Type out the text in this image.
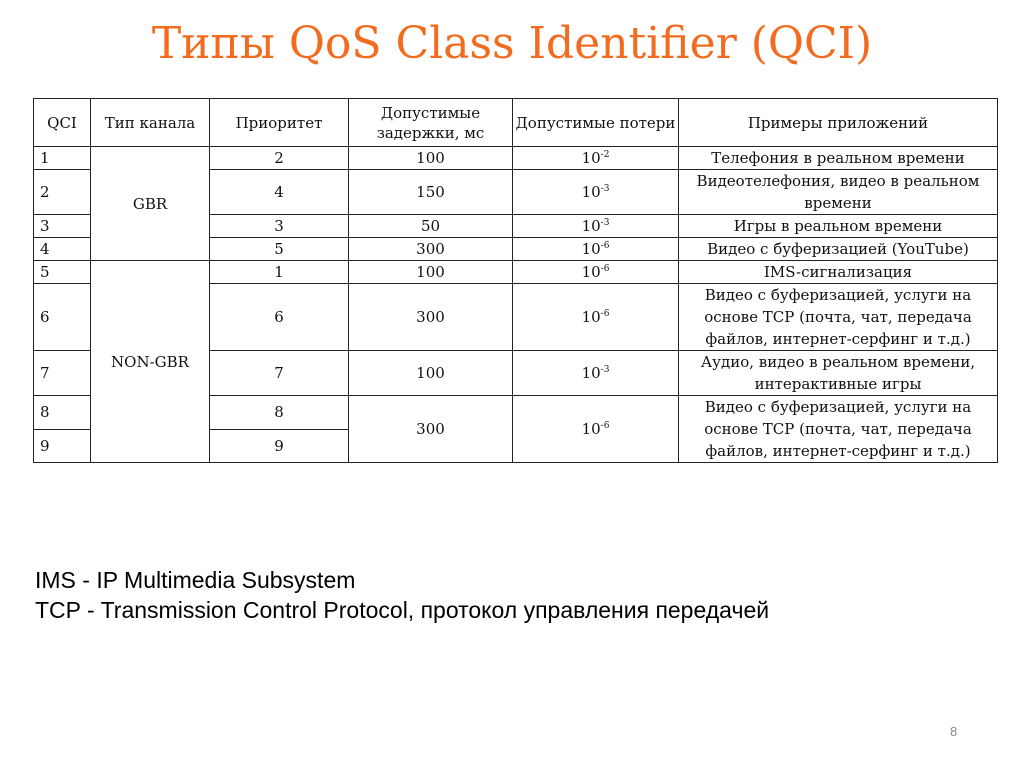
Типы QoS Class Identifier (QCI)
QCI	Тип канала	Приоритет	Допустимые задержки, мс	Допустимые потери	Примеры приложений
1	GBR	2	100	$10^{-2}$	Телефония в реальном времени
2		4	150	$10^{-3}$	Видеотелефония, видео в реальном времени
3		3	50	$10^{-3}$	Игры в реальном времени
4		5	300	$10^{-6}$	Видео с буферизацией (YouTube)
5	NON-GBR	1	100	$10^{-6}$	IMS-сигнализация
6		6	300	$10^{-6}$	Видео с буферизацией, услуги на основе TCP (почта, чат, передача файлов, интернет-серфинг и т.д.)
7		7	100	$10^{-3}$	Аудио, видео в реальном времени, интерактивные игры
8		8	300	$10^{-6}$	Видео с буферизацией, услуги на основе TCP (почта, чат, передача файлов, интернет-серфинг и т.д.)
9		9			
IMS - IP Multimedia Subsystem
TCP - Transmission Control Protocol, протокол управления передачей
8
